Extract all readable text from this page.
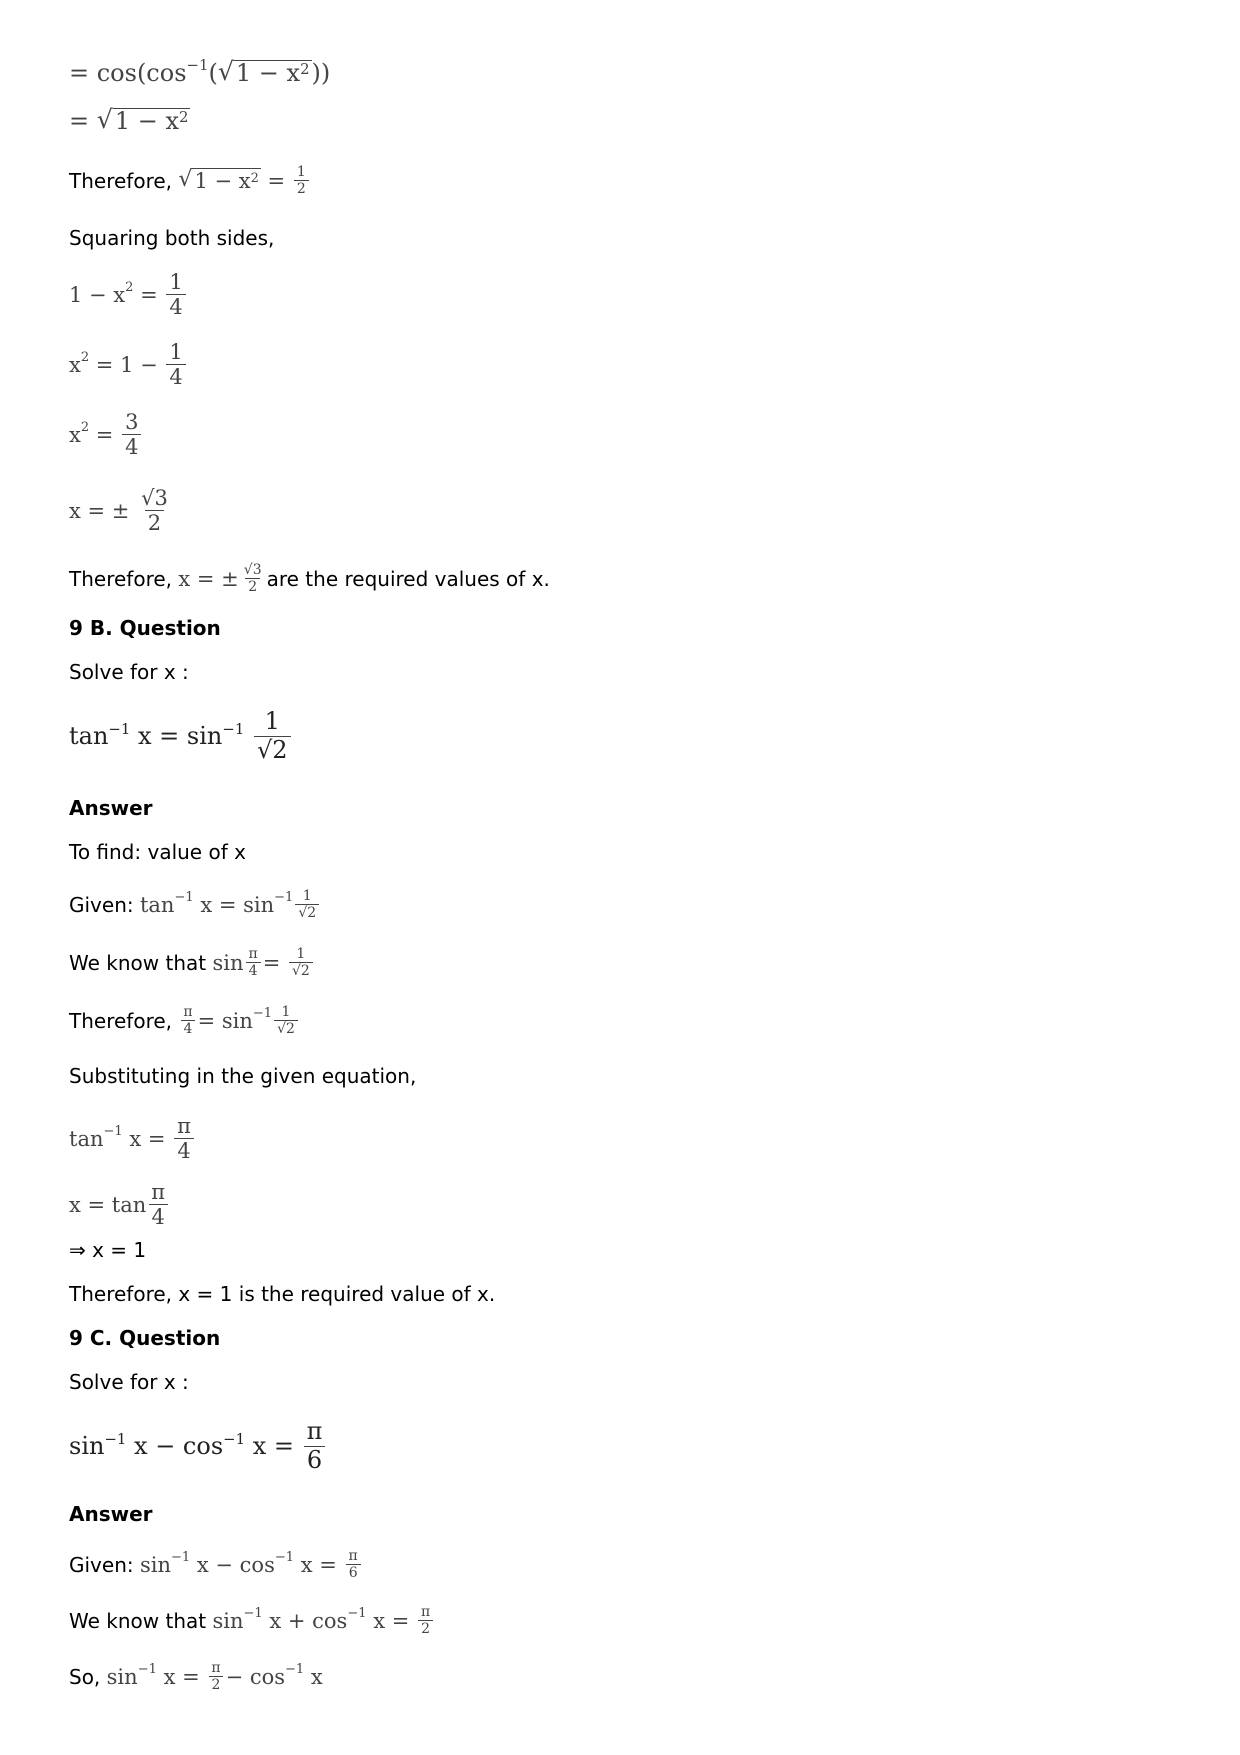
= $\cos(\cos^{-1}$ ( √ $1 - x^2$ ))
= √ $1 - x^2$
Therefore,
√ $1 - x^2 = \frac{1}{2}$
Squaring both sides,
$1 - x^2 = \frac{1}{4}$
$x^2 = 1 - \frac{1}{4}$
$x^2 = \frac{3}{4}$
x = ±
$\frac{√3}{2}$
Therefore,
x = ± $\frac{√3}{2}$ are the required values of x.
9 B. Question
Solve for x :
$\tan^{-1}$
$x = \sin^{-1}$
$\frac{1}{√2}$
Answer
To find: value of x
Given:
$\tan^{-1}$
$x = \sin^{-1} \frac{1}{√2}$
We know that
$\sin \frac{\pi}{4} = \frac{1}{√2}$
Therefore,
$\frac{\pi}{4} = \sin^{-1} \frac{1}{√2}$
Substituting in the given equation,
$\tan^{-1}$
x =
$\frac{\pi}{4}$
$x = \tan \frac{\pi}{4}$
⇒ x = 1
Therefore, x = 1 is the required value of x.
9 C. Question
Solve for x :
$\sin^{-1}$
$x - \cos^{-1}$
x =
$\frac{\pi}{6}$
Answer
Given:
$\sin^{-1}$
$x - \cos^{-1}$
x =
$\frac{\pi}{6}$
We know that
$\sin^{-1}$
$x + \cos^{-1}$
x =
$\frac{\pi}{2}$
So,
$\sin^{-1}$
x =
$\frac{\pi}{2} - \cos^{-1}$
x
